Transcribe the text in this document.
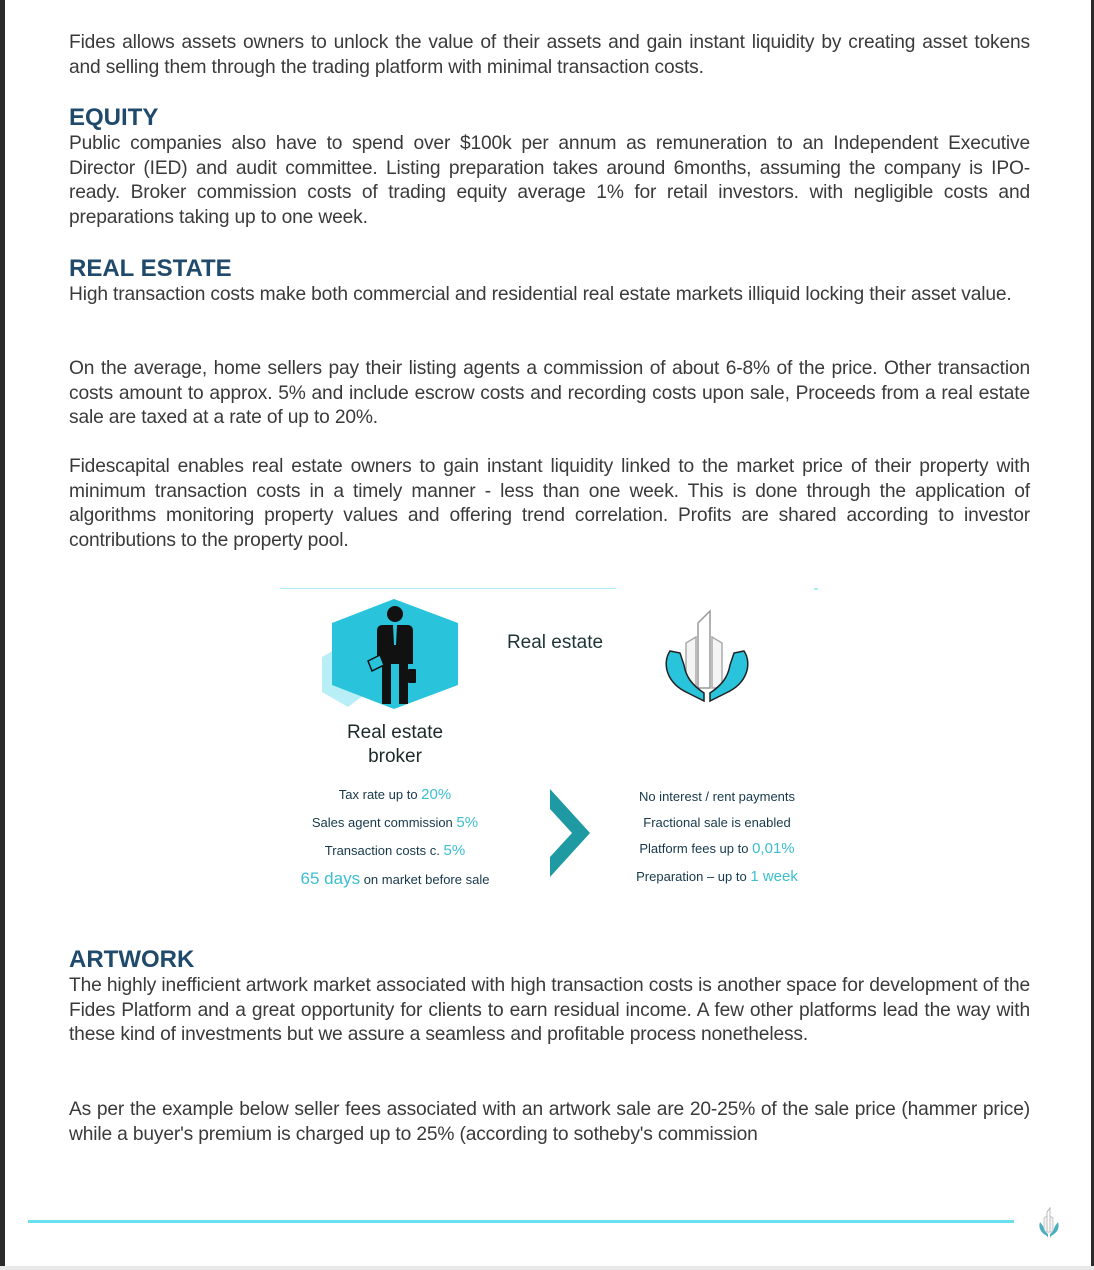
Fides allows assets owners to unlock the value of their assets and gain instant liquidity by creating asset tokens and selling them through the trading platform with minimal transaction costs.

EQUITY

Public companies also have to spend over $100k per annum as remuneration to an Independent Executive Director (IED) and audit committee. Listing preparation takes around 6months, assuming the company is IPO-ready. Broker commission costs of trading equity average 1% for retail investors. with negligible costs and preparations taking up to one week.

REAL ESTATE

High transaction costs make both commercial and residential real estate markets illiquid locking their asset value.

On the average, home sellers pay their listing agents a commission of about 6-8% of the price. Other transaction costs amount to approx. 5% and include escrow costs and recording costs upon sale, Proceeds from a real estate sale are taxed at a rate of up to 20%.

Fidescapital enables real estate owners to gain instant liquidity linked to the market price of their property with minimum transaction costs in a timely manner - less than one week. This is done through the application of algorithms monitoring property values and offering trend correlation. Profits are shared according to investor contributions to the property pool.

ARTWORK

The highly inefficient artwork market associated with high transaction costs is another space for development of the Fides Platform and a great opportunity for clients to earn residual income. A few other platforms lead the way with these kind of investments but we assure a seamless and profitable process nonetheless.

As per the example below seller fees associated with an artwork sale are 20-25% of the sale price (hammer price) while a buyer's premium is charged up to 25% (according to sotheby's commission

Real estate
broker
Real estate
Tax rate up to 20%
Sales agent commission 5%
Transaction costs c. 5%
65 days on market before sale
No interest / rent payments
Fractional sale is enabled
Platform fees up to 0,01%
Preparation – up to 1 week
